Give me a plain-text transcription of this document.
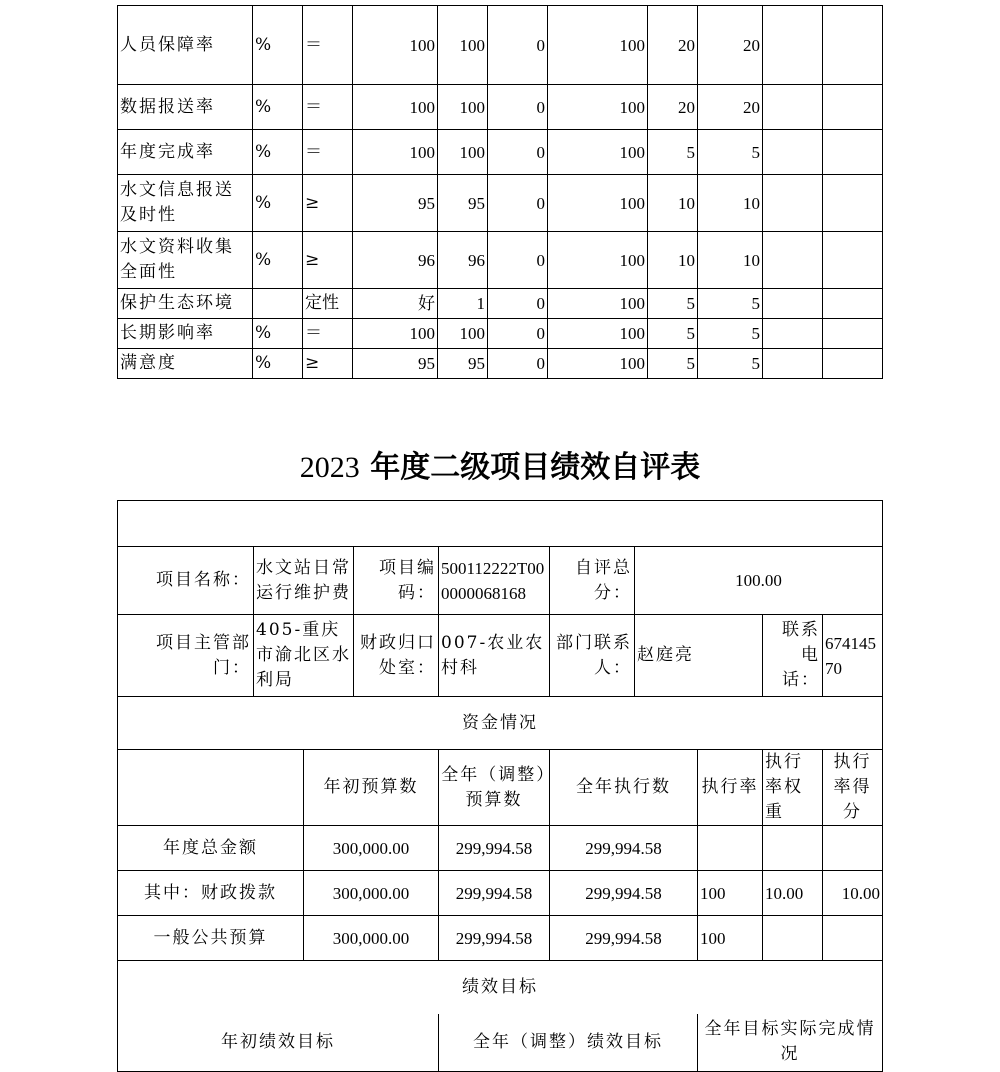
人员保障率	%	＝	100	100	0	100	20	20		
数据报送率	%	＝	100	100	0	100	20	20		
年度完成率	%	＝	100	100	0	100	5	5		
水文信息报送及时性	%	≥	95	95	0	100	10	10		
水文资料收集全面性	%	≥	96	96	0	100	10	10		
保护生态环境		定性	好	1	0	100	5	5		
长期影响率	%	＝	100	100	0	100	5	5		
满意度	%	≥	95	95	0	100	5	5		
2023 年度二级项目绩效自评表

项目名称：	水文站日常运行维护费		项目编码：	500112222T000000068168	自评总分：	100.00			
项目主管部门：	405-重庆市渝北区水利局		财政归口处室：	007-农业农村科	部门联系人：	赵庭亮		联系电话：	67414570
资金情况									
		年初预算数		全年（调整）预算数	全年执行数		执行率	执行率权重	执行率得分
年度总金额		300,000.00		299,994.58	299,994.58				
其中：财政拨款		300,000.00		299,994.58	299,994.58		100	10.00	10.00
一般公共预算		300,000.00		299,994.58	299,994.58		100		
绩效目标									
年初绩效目标				全年（调整）绩效目标			全年目标实际完成情况		
